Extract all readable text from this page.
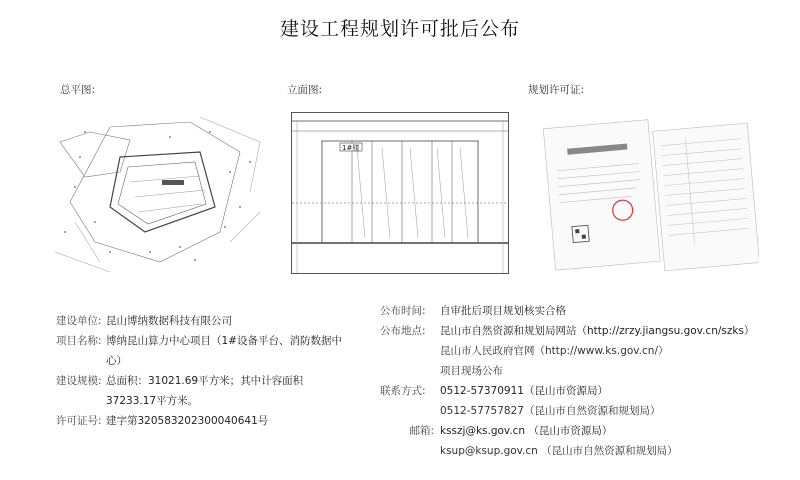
建设工程规划许可批后公布
总平图:	立面图:	规划许可证:
1#楼
建设单位: 昆山博纳数据科技有限公司
项目名称: 博纳昆山算力中心项目（1#设备平台、消防数据中心）
建设规模: 总面积：31021.69平方米；其中计容面积37233.17平方米。
许可证号: 建字第320583202300040641号
公布时间:	自审批后项目规划核实合格
公布地点:	昆山市自然资源和规划局网站（http://zrzy.jiangsu.gov.cn/szks）
昆山市人民政府官网（http://www.ks.gov.cn/）
项目现场公布
联系方式:	0512-57370911（昆山市资源局）
0512-57757827（昆山市自然资源和规划局）
邮箱: ksszj@ks.gov.cn （昆山市资源局）
ksup@ksup.gov.cn （昆山市自然资源和规划局）
